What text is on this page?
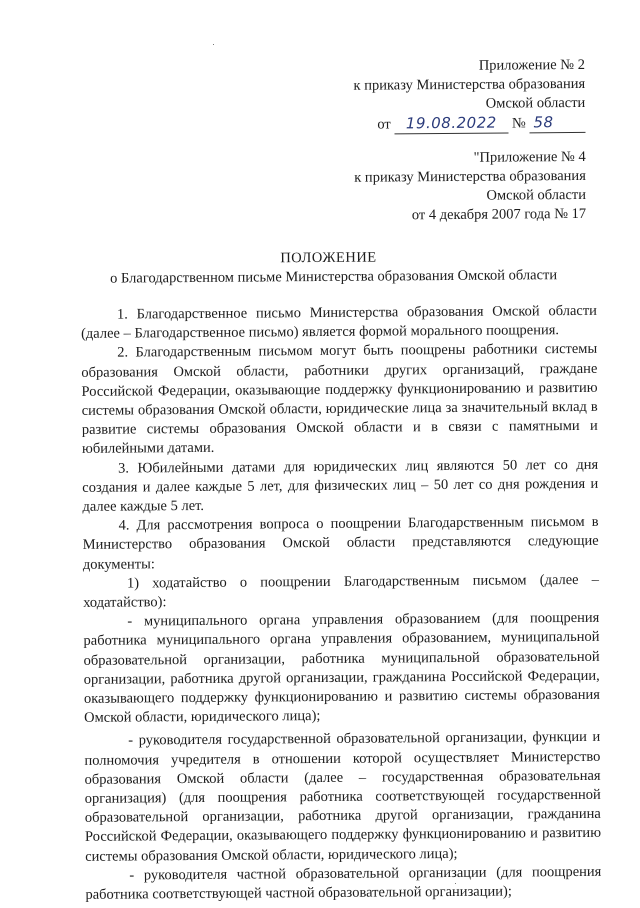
Приложение № 2
к приказу Министерства образования
Омской области
от 19.08.2022 № 58
"Приложение № 4
к приказу Министерства образования
Омской области
от 4 декабря 2007 года № 17
ПОЛОЖЕНИЕ
о Благодарственном письме Министерства образования Омской области

1. Благодарственное письмо Министерства образования Омской области (далее – Благодарственное письмо) является формой морального поощрения.

2. Благодарственным письмом могут быть поощрены работники системы образования Омской области, работники других организаций, граждане Российской Федерации, оказывающие поддержку функционированию и развитию системы образования Омской области, юридические лица за значительный вклад в развитие системы образования Омской области и в связи с памятными и юбилейными датами.

3. Юбилейными датами для юридических лиц являются 50 лет со дня создания и далее каждые 5 лет, для физических лиц – 50 лет со дня рождения и далее каждые 5 лет.

4. Для рассмотрения вопроса о поощрении Благодарственным письмом в Министерство образования Омской области представляются следующие документы:

1) ходатайство о поощрении Благодарственным письмом (далее – ходатайство):

- муниципального органа управления образованием (для поощрения работника муниципального органа управления образованием, муниципальной образовательной организации, работника муниципальной образовательной организации, работника другой организации, гражданина Российской Федерации, оказывающего поддержку функционированию и развитию системы образования Омской области, юридического лица);

- руководителя государственной образовательной организации, функции и полномочия учредителя в отношении которой осуществляет Министерство образования Омской области (далее – государственная образовательная организация) (для поощрения работника соответствующей государственной образовательной организации, работника другой организации, гражданина Российской Федерации, оказывающего поддержку функционированию и развитию системы образования Омской области, юридического лица);

- руководителя частной образовательной организации (для поощрения работника соответствующей частной образовательной организации);
